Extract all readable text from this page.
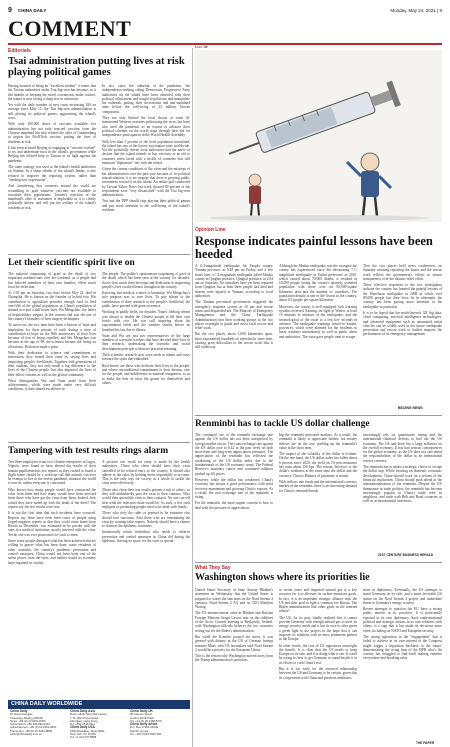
9 CHINA DAILY	Monday, May 24, 2021 | 9
COMMENT
Editorials
Tsai administration putting lives at risk playing political games

Having boasted of being an "excellent student" it seems that the Taiwan authorities under Tsai Ing-wen has become, as it did months of keeping the novel coronavirus under control, the island is now facing a sharp rise in infections.

Yet with the daily number of new cases increasing 100 on average since May 15, the Tsai Ing-wen administration is still placing its political games, aggravating the island's woes.

With only 300,000 doses of vaccines available, her administration has not only rejected vaccines from the Chinese mainland but also refused the offer of Guomindang to import the BioNTech vaccine, putting the lives of residents at risk.

It has even accused Beijing of engaging in "vaccine warfare" to try and undermine trust in the island's government while Beijing has offered help to Taiwan in its fight against the pandemic.

The same strategy was used at the island's health authorities on Sunday. In a sharp rebuke of the island's leader, it also refused to improve the reporting system, rather than "sending new expressions".

And considering that countries around the world are scrambling to grab whatever vaccines are available to inoculate their populations, Taiwan's rejection of the mainland's offer of assistance is deplorable as it is clearly politically driven, and will put the welfare of the island's residents at risk.

In fact, since the outbreak of the pandemic, the independence-seeking ruling Democratic Progressive Party authorities on the island have been obsessed with their political calculations and sought to politicize and manipulate the outbreak, putting their secessionist and anti-mainland aims before the well-being of 23 million Taiwan compatriots.

They not only limited the local chorus of some ill-intentioned Western countries politicizing the virus, but have also used the pandemic as an excuse to advance their political schemes on the world stage through their bid for independence participation in the World Health Assembly.

With less than 1 percent of the local population inoculated, the island has one of the lowest vaccination rates worldwide. Yet the politically driven local authorities had the nerve to declare that the island intends to buy vaccines as an aid to countries when faced with a trickle of countries that still maintain "diplomatic" ties with the island.

Given the current conditions of the virus and the missteps of her administration over the past year because of its political miscalculations, it is no surprise that there is growing public resentment toward it on the island. An online poll conducted by Taiwan Yahoo News last week showed 80 percent of the respondents were "very dissatisfied" with the Tsai Ing-wen administration.

Tsai and the DPP should stop playing their political games and pay more attention to the well-being of the island's residents.

Let their scientific spirit live on

The national outpouring of grief at the death of two important academicians over the weekend, as if people had lost beloved members of their own families, offers much food for reflection.

At 1:05 pm on Saturday, two days before May 24, died in Changsha. He is known as the founder of hybrid rice. His contribution to agriculture provides enough food to feed one-fifth of the global population, as China's population of around two and a half hours later, Wu Mengchao, the father of hepatobiliary surgery in the country and was the one of the country's founders of liver surgery techniques.

To survivors, the two men have been a beacon of hope and inspiration for their pursuit of truth during a time of contribution of hope on the 99th anniversary of their lives because of fear of being expelled, and Wu Mengchao was because at the age of 98, the scientist became the living on all nations. Both men made a point.

With their dedication to science and commitment to innovation, they earned their fame by saving lives and improving people's livelihoods. Together with generations of their students, they not only made a big difference to the lives of the Chinese people, but also impacted the lives of their fellow citizens as well as the global community.

What distinguishes Wu and Yuan aside from their achievements, which were made under very difficult conditions, is their shared excellence in

The people. The public's spontaneous outpouring of grief at the death, which has been seen at the country for decades, shows how much their devotion and dedication to improving people's lives touched hearts throughout the country.

Knowing that medical science is humanity, Wu Mengchao's sole purpose was to save lives. To pay tribute to the contribution of their research to the people's livelihood, the public have greeted with great reverence.

Working in paddy fields for decades, Yuan's lifelong dream was always to enable the Chinese people to fill their own bowls with rice. He was still inquiring about his experimental fields and the weather shortly before he breathed his last due to illness.

Yuan and Wu are just two representatives of the large numbers of scientific workers that have devoted their lives to their research, undertaking the scientific and social development principle with more practical meaning.

Their scientific research now sows seeds to inherit and carry forward the spirit that embodied.

Real heroes are those who dedicate their lives to the people, and whose unconditional commitment to their dreams, care for the people, and indifference to material temptation, so as to make the best of what life grants for themselves and others.

Tampering with test results rings alarm

Test three employees from two Chinese enterprises in Lagos, Nigeria, were found to have altered the results of their human papillomavirus test reports as they rushed to board a flight home should be a wake-up call that nobody can ever be exempt to live in the severe pandemic situation the world is now in, unless everyone is concerned.

Who knows how many people would have contracted the virus from them and how many would have been infected from those who have got the virus from them. Indeed, how would they have ended up with the death of the three? The reports say the test results were true.

It is not the first time that such incidents have occurred. Reports say there have even been cases of people using forged negative reports so that they could come home from Russia in December, was estimated to be private with the ones in a medical institution, mostly infected with the virus. Yet no one was ever prosecuted for such a crime.

Since some people disregard what has been achieved and are willing to ignore what has been done, some residents of other countries, the country's pandemic prevention and control measures, China would not have been one of the safest places from the virus, and neither would its economy have regained its vitality.

A positive test result for entry is made by the health authorities. Those who cheat should have their visas cancelled or be refused entry to the country. It should also adhere to the rules by holding those responsible to account. That is the only way for society as a whole to tackle the virus more effectively.

Those who cheat their test results present a risk to others, so they will undoubtedly pass the virus to their contacts. Who would then spread the virus to their contacts. No one can tell how wide the infection chain would be. As such, a few such negligent or pretending people need to be dealt with firmly.

Those who defy the rules or pretend to be someone else should face sanctions. Also those who are transmitting the virus by creating false reports. Nobody should have a chance to claim as the epidemic continues.

Intentionally refuse individual who needs to observe prevention and control measures as China did during the epidemic, leaving no space for the virus to spread.

CHINA DAILY WORLDWIDE
China Daily
15 Huixin Dongjie,
Chaoyang, Beijing 100029
News: +86 (0) 10 6491-8366
Subscription: +86 400-699-0203
Advertisement: +86 (0) 10 6491-8631
Phone app: +86 (0) 10 6491-8899
editor@chinadaily.com.cn
China Daily Asia
Room 1818, Hing Wai Centre
7 Tin Wan Praya Road
Aberdeen, Hong Kong
Tel: +852 2518 5111
China Daily USA
1500 Broadway, Suite 2800,
New York, NY 10036
Tel: +1 212 537 8888
China Daily UK
90 Cannon Street,
London EC4N 6HA
Tel: +44 (0) 20 7398 8270
China Daily Africa
P.O. Box 27281-00100
Nairobi, Kenya
Tel: +254 (0)20 6922 900
Luo Jie
Opinion Line
Response indicates painful lessons have been heeded

A 6.4-magnitude earthquake hit Yangbi county, Yunnan province, at 9:48 pm on Friday, and a few hours later, a 7.4-magnitude earthquake jolted Maduo county in Qinghai province. Qinghai province, at 2:04 am on Saturday. No casualties have yet been reported from Qinghai, but at least three people had died and dozens were injured in Yunnan, according to local authorities.

The Yunnan provincial government triggered the emergency response system at 10 pm and rescue teams and dispatched aid. The Ministry of Emergency Management and the China Earthquake Administration sent their working groups to the two places overnight to guide and assist local rescue and relief work.

But the two places, about 1,000 kilometers apart, have experienced hundreds of aftershocks since then, causing great difficulties to the rescue work that is still underway.

Although the Maduo earthquake was the strongest the county has experienced since the devastating 7.1-magnitude earthquake in Yushu prefecture in 2010, which caused about 70,000 deaths, it resulted in 10,000 people losing the county's sparsely scattered population with more over an 85,000-square kilometer area and the number of casualties. The population density is one of the lowest in the country, about 0.2 people per square kilometer.

Moreover, the county is well-equipped with warning systems received. Earning, on eight of Winter, at least 10 minutes in advance of the earthquake, and the seismological of the issue to a few key seconds in advance. The earthquake warnings issued in Sanzhi, provinces, which were alarmed for the residents to hurry outdoors immediately as well as public alerts and authorities. The issue gave people time to escape.

That the two places held news conferences on Saturday morning reporting the losses and the rescue work reflects the government's efforts to ensure transparency over the disaster relief effort.

These effective responses to the two earthquakes indicate the country has learned the painful lessons of the Wenchuan earthquake in 2008 in which over 80,000 people lost their lives. In its aftermath, the country has been paying more attention to the earthquake in particular.

It is to be hoped that the multi-layered, 3D. big data, cloud computing, artificial intelligence technologies, and advanced equipment such as automated aerial vehicles can be widely used in the future earthquake prevention and rescue work to further improve the performance of its emergency management.

BEIJING NEWS
Renminbi has to tackle US dollar challenge

The continued rise of the renminbi exchange rate against the US dollar has not been unexpected by foreign market forces. The yuan exchange rate against the US dollar rose to 6.42 in the past week on both short-term and long-term appreciation pressures. The appreciation of the renminbi has reflected the weakening of the US dollar index due to the fundamentals of the US economic trend. The Federal Reserve's monetary stance and continued inflation pushed up US prices.

However, while the dollar has weakened, China's economy has shown a good performance with solid recovery momentum and growing China's exports. As a result, the real exchange rate of the renminbi is rising.

For the renminbi, the more urgent concern is how to deal with the pressure of appreciation.

Ing the renminbi pressured markets. As a result, the renminbi is likely to appreciate further; hot money inflows are on the rise, pushing up the renminbi's value in the short term.

The impact of the volatility of the dollar is evident. On the one hand, the US dollar index has fallen about 6 percent since 2020, the yield on 10-year treasuries has risen about 150 bps. The reason, however, is the dollar's weakness at the same time the dollar and the currency. China's Balance of payments is steady.

With inflows into funds and the international currency market of the renminbi, there is an increasing demand for China's renminbi bonds.

increasingly rely on quantitative easing and the international financial deficits to bail out the US economy. The US and there has a large influence on the overall economy. It has had serious consequences for the global economy, as the US does not care about the responsibilities of the dollar as an international reserve currency.

The renminbi has to make a strategic choice to escape the dollar trap. While focusing on domestic economic development, China should work on a reform of the financial institutions. China should push ahead in the internationalization of the renminbi. Despite the US' dominance in trade policies, the renminbi has become increasingly popular in China's trade with its neighbors, and trade with Belt and Road countries as well as in international currencies.

21ST CENTURY BUSINESS HERALD
What They Say
Washington shows where its priorities lie

United States Secretary of State Antony Blinken's statement on Wednesday that the United States is prepared to waive the sanctions on the Nord Stream 2 operator, Nord Stream 2 AG and its CEO Matthias Warnig.

The US announcement came as Blinken and Russian Foreign Minister Sergei Lavrov met on the sidelines of the Arctic Council meeting in Reykjavik, Iceland, with Washington officials believes the two countries setting out for the Biden's administration.

But while the Kremlin praised the move, it was greeted with dismay in the US of German foreign minister Maas, who US lawmakers said Nord Stream 2 would be a priority for the European Union.

This is the reason why Washington moved away from the Trump administration's priorities.

in recent years and imported natural gas is a key resource for it to alleviate its carbon emissions goals. In fact, it is an important strategic alliance with the US and their goal to fight a common foe Russia. The Biden administration had other goals in the internal affairs?

The US, for its part, finally realized that it cannot provide Germany with enough natural gas to meet its energy security needs and it has its own to offer given a green light to the project in the hope that it can improve its relations with its most prominent partner in the Europe.

In other words, the cost of US opposition outweighs the benefit. It is clear that the US needs to keep Europe on its side, and it is doing what it can. It could be trying its best to get Germany to stand beside it in its efforts to curb China's rise.

But it is too early for the renewed relationship between the US and Germany to be certain, given that its cooperation with China and previous ambitions.

more in diplomacy. Eventually, the US attempts to stand Germany on its side, and a more favorable US stance on the Nord Stream 2 project and immediate threat to Germany's energy security.

Recent attempts to sanction the EU have a strong public interest in its priorities. It is persistently exposed in its own diplomacy. Such confrontational political and strategic actions in its own relations with others, is a sign that it has made its decisions more often, including on NATO and European security.

The strong opposition to the "engagement" that it failed to achieve in its own interest in the Congress might trigger a bipartisan backlash in the future, demonstrating the rising heat of the DPR who's the country has struggled to find itself making enemies everywhere and breaking rules.

THE PAPER
